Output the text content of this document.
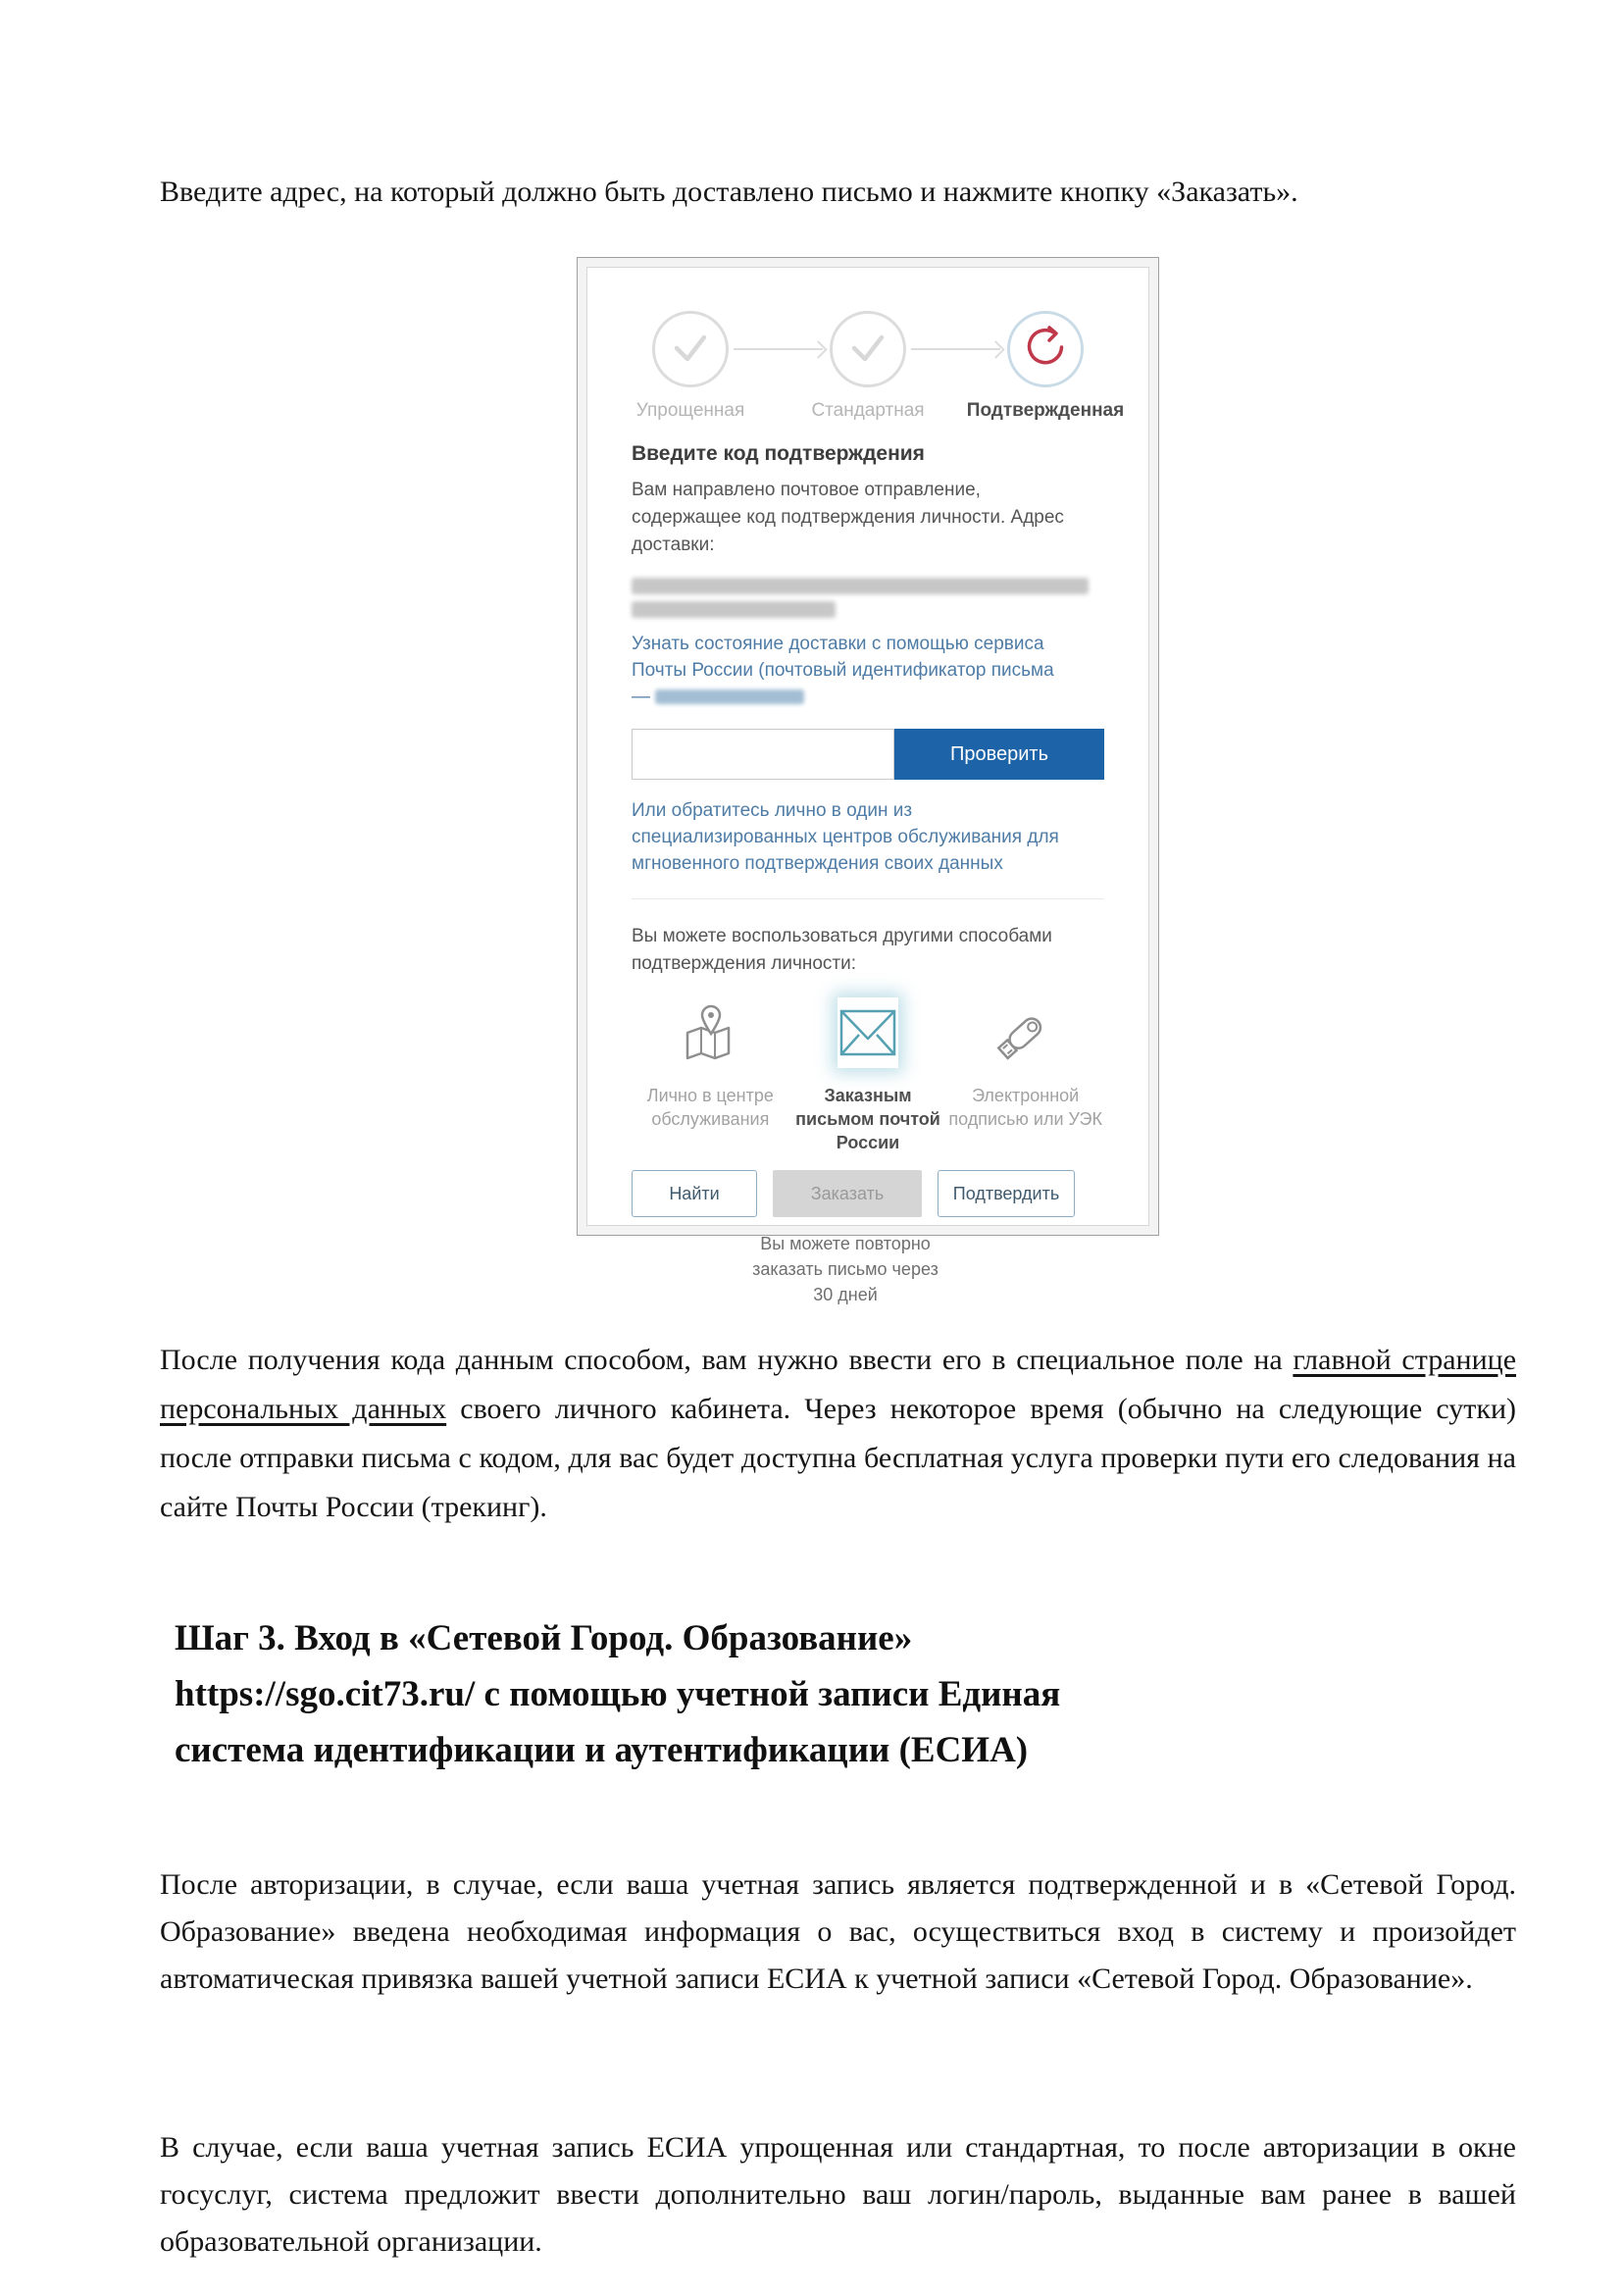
Введите адрес, на который должно быть доставлено письмо и нажмите кнопку «Заказать».

Упрощенная	Стандартная Подтвержденная
Введите код подтверждения

Вам направлено почтовое отправление, содержащее код подтверждения личности. Адрес доставки:

Узнать состояние доставки с помощью сервиса Почты России (почтовый идентификатор письма —

Проверить

Или обратитесь лично в один из специализированных центров обслуживания для мгновенного подтверждения своих данных

Вы можете воспользоваться другими способами подтверждения личности:

Лично в центре обслуживания
Заказным письмом почтой России
Электронной подписью или УЭК
Найти	Заказать	Подтвердить

Вы можете повторно заказать письмо через 30 дней

После получения кода данным способом, вам нужно ввести его в специальное поле на главной странице персональных данных своего личного кабинета. Через некоторое время (обычно на следующие сутки) после отправки письма с кодом, для вас будет доступна бесплатная услуга проверки пути его следования на сайте Почты России (трекинг).

Шаг 3. Вход в «Сетевой Город. Образование»
https://sgo.cit73.ru/ с помощью учетной записи Единая
система идентификации и аутентификации (ЕСИА)

После авторизации, в случае, если ваша учетная запись является подтвержденной и в «Сетевой Город. Образование» введена необходимая информация о вас, осуществиться вход в систему и произойдет автоматическая привязка вашей учетной записи ЕСИА к учетной записи «Сетевой Город. Образование».

В случае, если ваша учетная запись ЕСИА упрощенная или стандартная, то после авторизации в окне госуслуг, система предложит ввести дополнительно ваш логин/пароль, выданные вам ранее в вашей образовательной организации.
